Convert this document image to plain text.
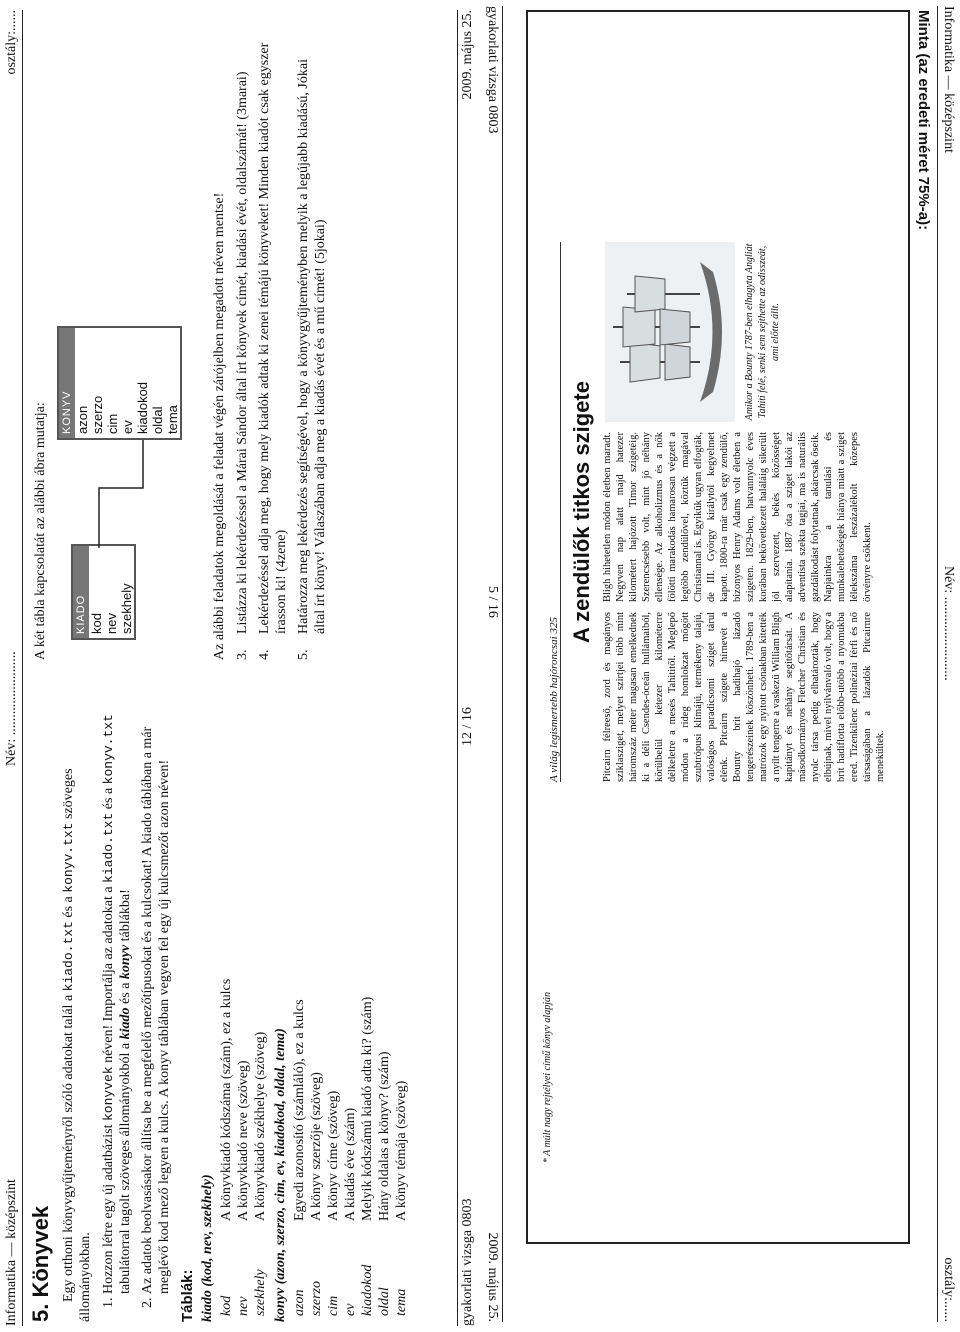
Informatika — középszint
Név: ........................
osztály:......
5. Könyvek Egy otthoni könyvgyűjteményről szóló adatokat talál a kiado.txt és a konyv.txt szöveges állományokban. 1. Hozzon létre egy új adatbázist konyvek néven! Importálja az adatokat a kiado.txt és a konyv.txt tabulátorral tagolt szöveges állományokból a kiado és a konyv táblákba! 2. Az adatok beolvasásakor állítsa be a megfelelő mezőtípusokat és a kulcsokat! A kiado táblában a már meglévő kod mező legyen a kulcs. A konyv táblában vegyen fel egy új kulcsmezőt azon néven!
Táblák: kiado (kod, nev, szekhely) kod
A könyvkiadó kódszáma (szám), ez a kulcs
nev
A könyvkiadó neve (szöveg)
szekhely
A könyvkiadó székhelye (szöveg) konyv (azon, szerzo, cim, ev, kiadokod, oldal, tema) azon
Egyedi azonosító (számláló), ez a kulcs
szerzo
A könyv szerzője (szöveg)
cim
A könyv címe (szöveg)
ev
A kiadás éve (szám)
kiadokod
Melyik kódszámú kiadó adta ki? (szám)
oldal
Hány oldalas a könyv? (szám)
tema
A könyv témája (szöveg)

A két tábla kapcsolatát az alábbi ábra mutatja: KIADO kod nev szekhely
KONYV azon szerzo cim ev kiadokod oldal tema Az alábbi feladatok megoldását a feladat végén zárójelben megadott néven mentse! 3.
Listázza ki lekérdezéssel a Márai Sándor által írt könyvek címét, kiadási évét, oldalszámát! (3marai)
4.
Lekérdezéssel adja meg, hogy mely kiadók adtak ki zenei témájú könyveket! Minden kiadót csak egyszer írasson ki! (4zene)
5.
Határozza meg lekérdezés segítségével, hogy a könyvgyűjteményben melyik a legújabb kiadású, Jókai által írt könyv! Válaszában adja meg a kiadás évét és a mű címét! (5jokai)
gyakorlati vizsga 0803
12 / 16
2009. május 25.	Informatika — középszint
Név: ........................
osztály:......
Minta (az eredeti méret 75%-a):
A világ legismertebb hajóroncsai 325
A zendülők titkos szigete
Pitcairn félreeső, zord és magányos sziklasziget, melyet szirtjei több mint háromszáz méter magasan emelkednek ki a déli Csendes-óceán hullámaiból, körülbelül kétezer kilométerre délkeletre a mesés Tahititől. Meglepő módon a rideg homlokzat mögött szubtrópusi klímájú, termékeny talajú, valóságos paradicsomi sziget tárul elénk. Pitcairn szigete hírnevét a Bounty brit hadihajó lázadó tengerészeinek köszönheti. 1789-ben a matrózok egy nyitott csónakban kitették a nyílt tengerre a vaskezű William Bligh kapitányt és néhány segítőtársát. A másodkormányos Fletcher Christian és nyolc társa pedig elhatározták, hogy elbújnak, mivel nyilvánvaló volt, hogy a brit hadiflotta előbb-utóbb a nyomukba ered. Tizenkilenc polinéziai férfi és nő társaságában a lázadók Pitcairnre menekültek.
Bligh hihetetlen módon életben maradt. Negyven nap alatt majd hatezer kilométert hajózott Timor szigetéig. Szerencsésebb volt, mint jó néhány ellensége. Az alkoholizmus és a nők fölötti marakodás hamarosan végzett a legtöbb zendülővel, köztük magával Christiannal is. Egyikük ugyan elfogták, de III. György királytól kegyelmet kapott. 1800-ra már csak egy zendülő, bizonyos Henry Adams volt életben a szigeten. 1829-ben, hatvannyolc éves korában bekövetkezett haláláig sikerült jól szervezett, békés közösséget alapítania. 1887 óta a sziget lakói az adventista szekta tagjai, ma is naturális gazdálkodást folytatnak, akárcsak őseik. Napjainkra a tanulási és munkalehetőségek hiánya miatt a sziget lélekszáma leszázalékolt közepes örvényre csökkent.
Amikor a Bounty 1787-ben elhagyta Angliát Tahiti felé, senki sem sejthette az odisszeát, ami előtte állt.
* A múlt nagy rejtélyei című könyv alapján
gyakorlati vizsga 0803
5 / 16
2009. május 25.
